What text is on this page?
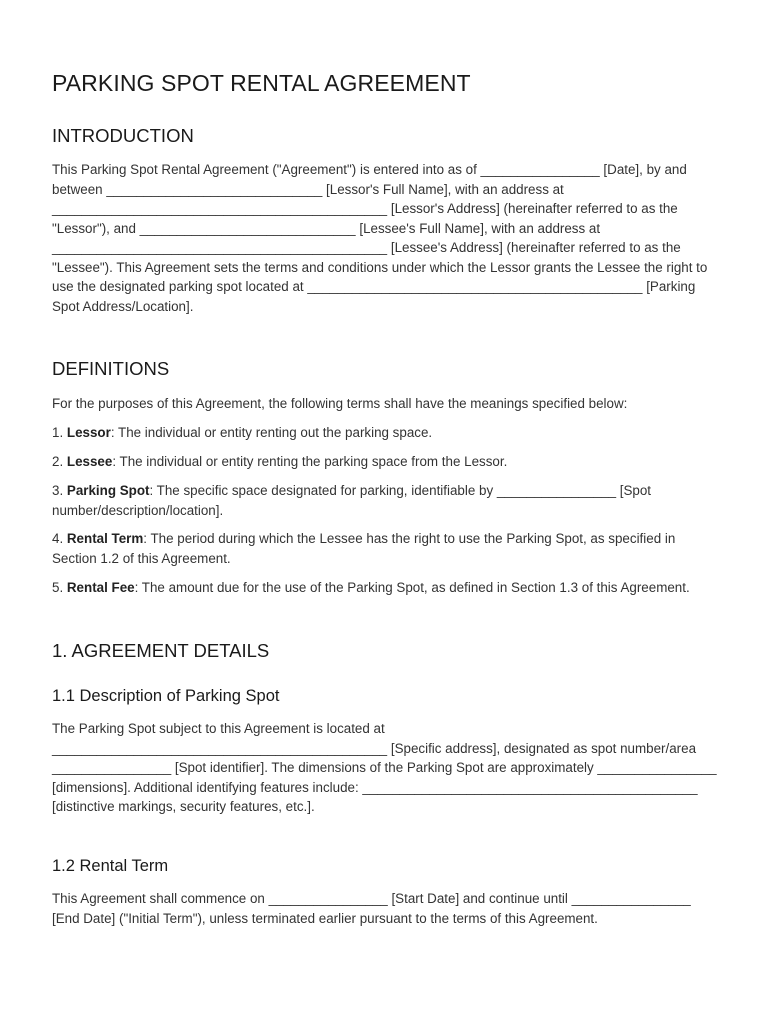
PARKING SPOT RENTAL AGREEMENT
INTRODUCTION

This Parking Spot Rental Agreement ("Agreement") is entered into as of ________________ [Date], by and between _____________________________ [Lessor's Full Name], with an address at _____________________________________________ [Lessor's Address] (hereinafter referred to as the "Lessor"), and _____________________________ [Lessee's Full Name], with an address at _____________________________________________ [Lessee's Address] (hereinafter referred to as the "Lessee"). This Agreement sets the terms and conditions under which the Lessor grants the Lessee the right to use the designated parking spot located at _____________________________________________ [Parking Spot Address/Location].

DEFINITIONS

For the purposes of this Agreement, the following terms shall have the meanings specified below:

1. Lessor: The individual or entity renting out the parking space.

2. Lessee: The individual or entity renting the parking space from the Lessor.

3. Parking Spot: The specific space designated for parking, identifiable by ________________ [Spot number/description/location].

4. Rental Term: The period during which the Lessee has the right to use the Parking Spot, as specified in Section 1.2 of this Agreement.

5. Rental Fee: The amount due for the use of the Parking Spot, as defined in Section 1.3 of this Agreement.

1. AGREEMENT DETAILS
1.1 Description of Parking Spot

The Parking Spot subject to this Agreement is located at _____________________________________________ [Specific address], designated as spot number/area ________________ [Spot identifier]. The dimensions of the Parking Spot are approximately ________________ [dimensions]. Additional identifying features include: _____________________________________________ [distinctive markings, security features, etc.].

1.2 Rental Term

This Agreement shall commence on ________________ [Start Date] and continue until ________________ [End Date] ("Initial Term"), unless terminated earlier pursuant to the terms of this Agreement.
